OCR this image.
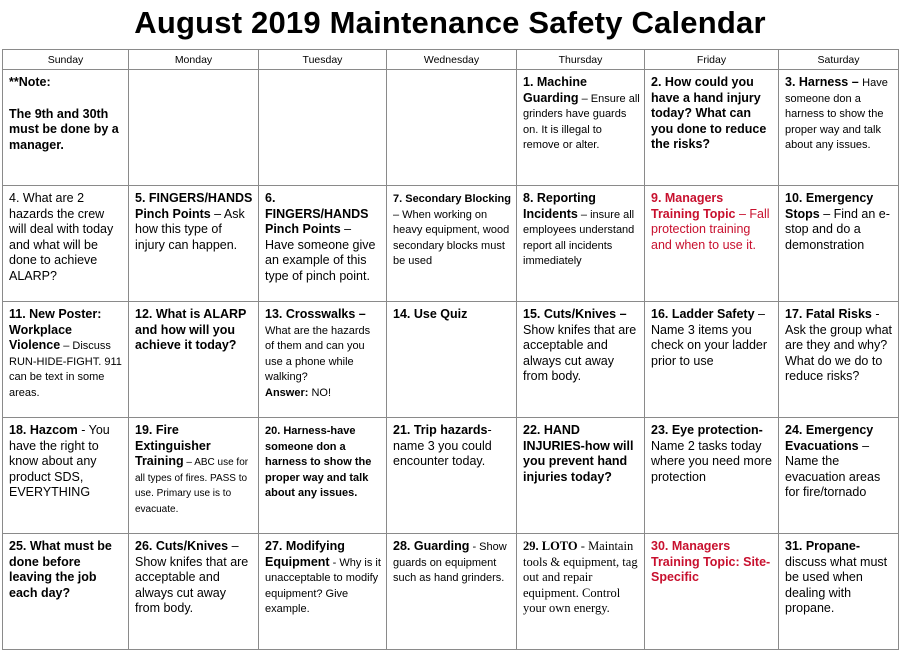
August 2019 Maintenance Safety Calendar
Sunday	Monday	Tuesday	Wednesday	Thursday	Friday	Saturday

**Note:
The 9th and 30th must be done by a manager.				1. Machine Guarding – Ensure all grinders have guards on. It is illegal to remove or alter.	2. How could you have a hand injury today? What can you done to reduce the risks?	3. Harness – Have someone don a harness to show the proper way and talk about any issues.
4. What are 2 hazards the crew will deal with today and what will be done to achieve ALARP?	5. FINGERS/HANDS Pinch Points – Ask how this type of injury can happen.	6. FINGERS/HANDS Pinch Points – Have someone give an example of this type of pinch point.	7. Secondary Blocking – When working on heavy equipment, wood secondary blocks must be used	8. Reporting Incidents – insure all employees understand report all incidents immediately	9. Managers Training Topic – Fall protection training and when to use it.	10. Emergency Stops – Find an e-stop and do a demonstration
11. New Poster: Workplace Violence – Discuss RUN-HIDE-FIGHT. 911 can be text in some areas.	12. What is ALARP and how will you achieve it today?	13. Crosswalks – What are the hazards of them and can you use a phone while walking?
Answer: NO!	14. Use Quiz	15. Cuts/Knives – Show knifes that are acceptable and always cut away from body.	16. Ladder Safety – Name 3 items you check on your ladder prior to use	17. Fatal Risks - Ask the group what are they and why? What do we do to reduce risks?
18. Hazcom - You have the right to know about any product SDS, EVERYTHING	19. Fire Extinguisher Training – ABC use for all types of fires. PASS to use. Primary use is to evacuate.	20. Harness-have someone don a harness to show the proper way and talk about any issues.	21. Trip hazards- name 3 you could encounter today.	22. HAND INJURIES-how will you prevent hand injuries today?	23. Eye protection- Name 2 tasks today where you need more protection	24. Emergency Evacuations – Name the evacuation areas for fire/tornado
25. What must be done before leaving the job each day?	26. Cuts/Knives – Show knifes that are acceptable and always cut away from body.	27. Modifying Equipment - Why is it unacceptable to modify equipment? Give example.	28. Guarding - Show guards on equipment such as hand grinders.	29. LOTO - Maintain tools & equipment, tag out and repair equipment. Control your own energy.	30. Managers Training Topic: Site-Specific	31. Propane- discuss what must be used when dealing with propane.
